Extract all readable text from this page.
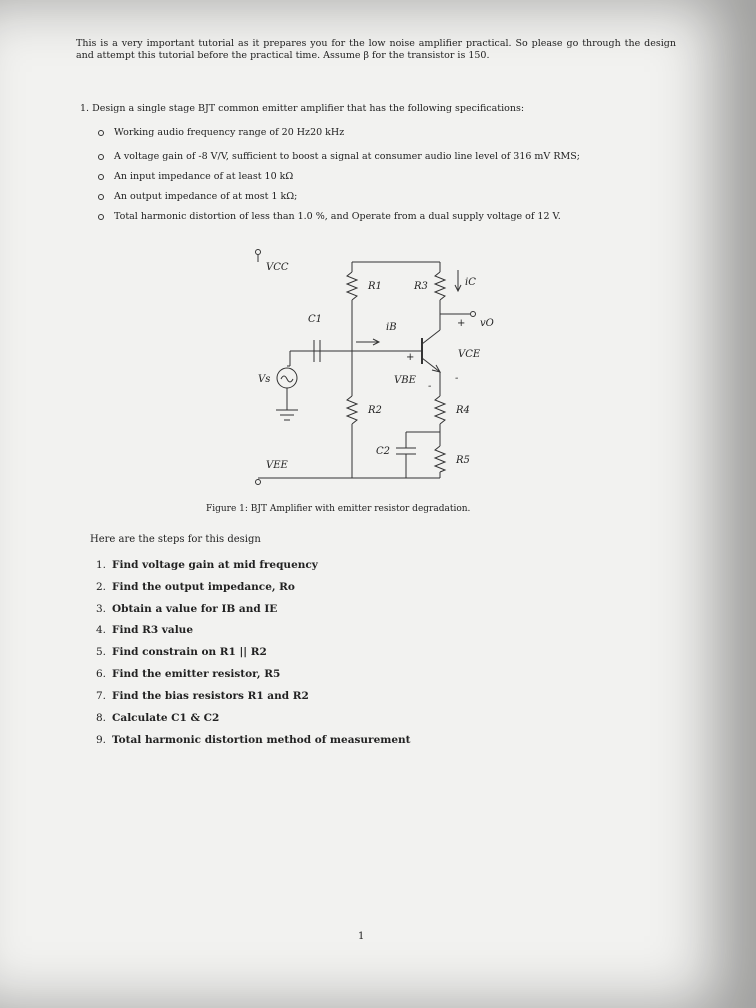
This is a very important tutorial as it prepares you for the low noise amplifier practical. So please go through the design and attempt this tutorial before the practical time. Assume β for the transistor is 150.
1. Design a single stage BJT common emitter amplifier that has the following specifications:
Working audio frequency range of 20 Hz20 kHz
A voltage gain of -8 V/V, sufficient to boost a signal at consumer audio line level of 316 mV RMS;
An input impedance of at least 10 kΩ
An output impedance of at most 1 kΩ;
Total harmonic distortion of less than 1.0 %, and Operate from a dual supply voltage of 12 V.
VCC
VEE
R1	R3	iC
C1
iB	+ vO
VCE
+
VBE
-
-
Vs
R2	R4
C2
R5
Figure 1: BJT Amplifier with emitter resistor degradation.
Here are the steps for this design
1. Find voltage gain at mid frequency
2. Find the output impedance, Ro
3. Obtain a value for IB and IE
4. Find R3 value
5. Find constrain on R1 || R2
6. Find the emitter resistor, R5
7. Find the bias resistors R1 and R2
8. Calculate C1 & C2
9. Total harmonic distortion method of measurement
1
